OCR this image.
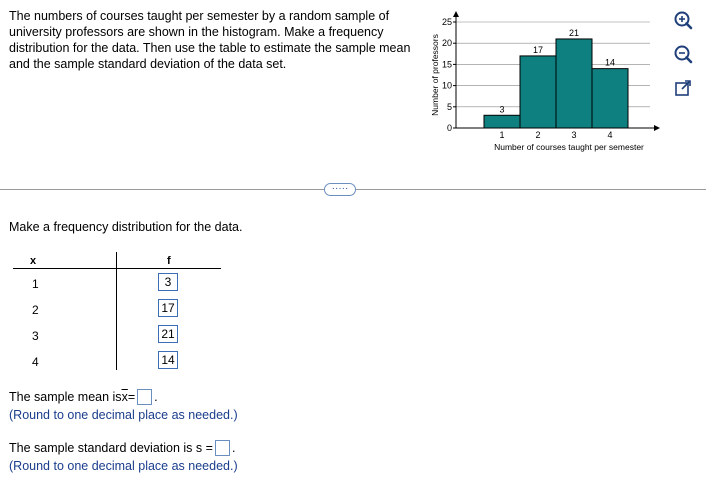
The numbers of courses taught per semester by a random sample of university professors are shown in the histogram. Make a frequency distribution for the data. Then use the table to estimate the sample mean and the sample standard deviation of the data set.
0
5
10
15
20
25
3
1
17
2
21
3
14
4
Number of courses taught per semester
Number of professors
·····
Make a frequency distribution for the data.
x	f
1	3
2	17
3	21
4	14
The sample mean is $\overline{x}$ = .
(Round to one decimal place as needed.)
The sample standard deviation is s = .
(Round to one decimal place as needed.)
